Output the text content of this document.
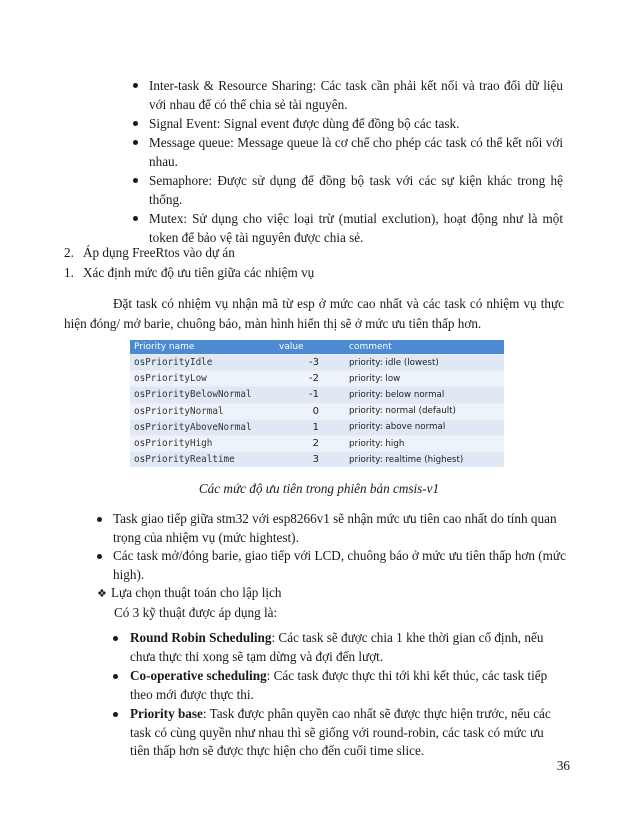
Inter-task & Resource Sharing: Các task cần phải kết nối và trao đổi dữ liệu với nhau để có thể chia sẻ tài nguyên.
Signal Event: Signal event được dùng để đồng bộ các task.
Message queue: Message queue là cơ chế cho phép các task có thể kết nối với nhau.
Semaphore: Được sử dụng để đồng bộ task với các sự kiện khác trong hệ thống.
Mutex: Sử dụng cho việc loại trừ (mutial exclution), hoạt động như là một token để bảo vệ tài nguyên được chia sẻ.
2. Áp dụng FreeRtos vào dự án
1. Xác định mức độ ưu tiên giữa các nhiệm vụ
Đặt task có nhiệm vụ nhận mã từ esp ở mức cao nhất và các task có nhiệm vụ thực hiện đóng/ mở barie, chuông báo, màn hình hiển thị sẽ ở mức ưu tiên thấp hơn.
Priority name	value	comment
osPriorityIdle	-3	priority: idle (lowest)
osPriorityLow	-2	priority: low
osPriorityBelowNormal	-1	priority: below normal
osPriorityNormal	0	priority: normal (default)
osPriorityAboveNormal	1	priority: above normal
osPriorityHigh	2	priority: high
osPriorityRealtime	3	priority: realtime (highest)
Các mức độ ưu tiên trong phiên bản cmsis-v1
Task giao tiếp giữa stm32 với esp8266v1 sẽ nhận mức ưu tiên cao nhất do tính quan trọng của nhiệm vụ (mức hightest).
Các task mở/đóng barie, giao tiếp với LCD, chuông báo ở mức ưu tiên thấp hơn (mức high).
❖ Lựa chọn thuật toán cho lập lịch
Có 3 kỹ thuật được áp dụng là:
Round Robin Scheduling: Các task sẽ được chia 1 khe thời gian cố định, nếu chưa thực thi xong sẽ tạm dừng và đợi đến lượt.
Co-operative scheduling: Các task được thực thi tới khi kết thúc, các task tiếp theo mới được thực thi.
Priority base: Task được phân quyền cao nhất sẽ được thực hiện trước, nếu các task có cùng quyền như nhau thì sẽ giống với round-robin, các task có mức ưu tiên thấp hơn sẽ được thực hiện cho đến cuối time slice.
36
